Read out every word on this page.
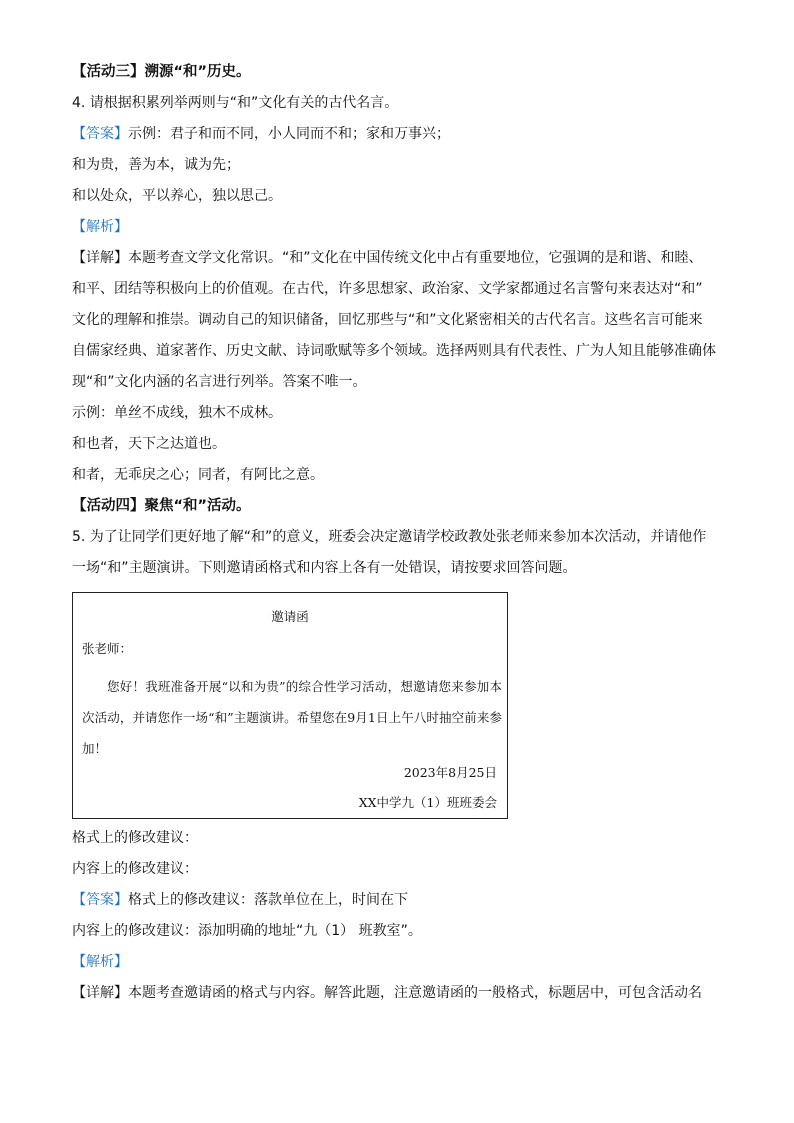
【活动三】溯源“和”历史。
4. 请根据积累列举两则与“和”文化有关的古代名言。
【答案】示例：君子和而不同，小人同而不和；家和万事兴；
和为贵，善为本，诚为先；
和以处众，平以养心，独以思己。
【解析】
【详解】本题考查文学文化常识。“和”文化在中国传统文化中占有重要地位，它强调的是和谐、和睦、
和平、团结等积极向上的价值观。在古代，许多思想家、政治家、文学家都通过名言警句来表达对“和”
文化的理解和推崇。调动自己的知识储备，回忆那些与“和”文化紧密相关的古代名言。这些名言可能来
自儒家经典、道家著作、历史文献、诗词歌赋等多个领域。选择两则具有代表性、广为人知且能够准确体
现“和”文化内涵的名言进行列举。答案不唯一。
示例：单丝不成线，独木不成林。
和也者，天下之达道也。
和者，无乖戾之心；同者，有阿比之意。
【活动四】聚焦“和”活动。
5. 为了让同学们更好地了解“和”的意义，班委会决定邀请学校政教处张老师来参加本次活动，并请他作
一场“和”主题演讲。下则邀请函格式和内容上各有一处错误，请按要求回答问题。
邀请函
张老师：
您好！我班准备开展“以和为贵”的综合性学习活动，想邀请您来参加本次活动，并请您作一场“和”主题演讲。希望您在9月1日上午八时抽空前来参加！
2023年8月25日
XX中学九（1）班班委会
格式上的修改建议：
内容上的修改建议：
【答案】格式上的修改建议：落款单位在上，时间在下
内容上的修改建议：添加明确的地址“九（1） 班教室”。
【解析】
【详解】本题考查邀请函的格式与内容。解答此题，注意邀请函的一般格式，标题居中，可包含活动名
